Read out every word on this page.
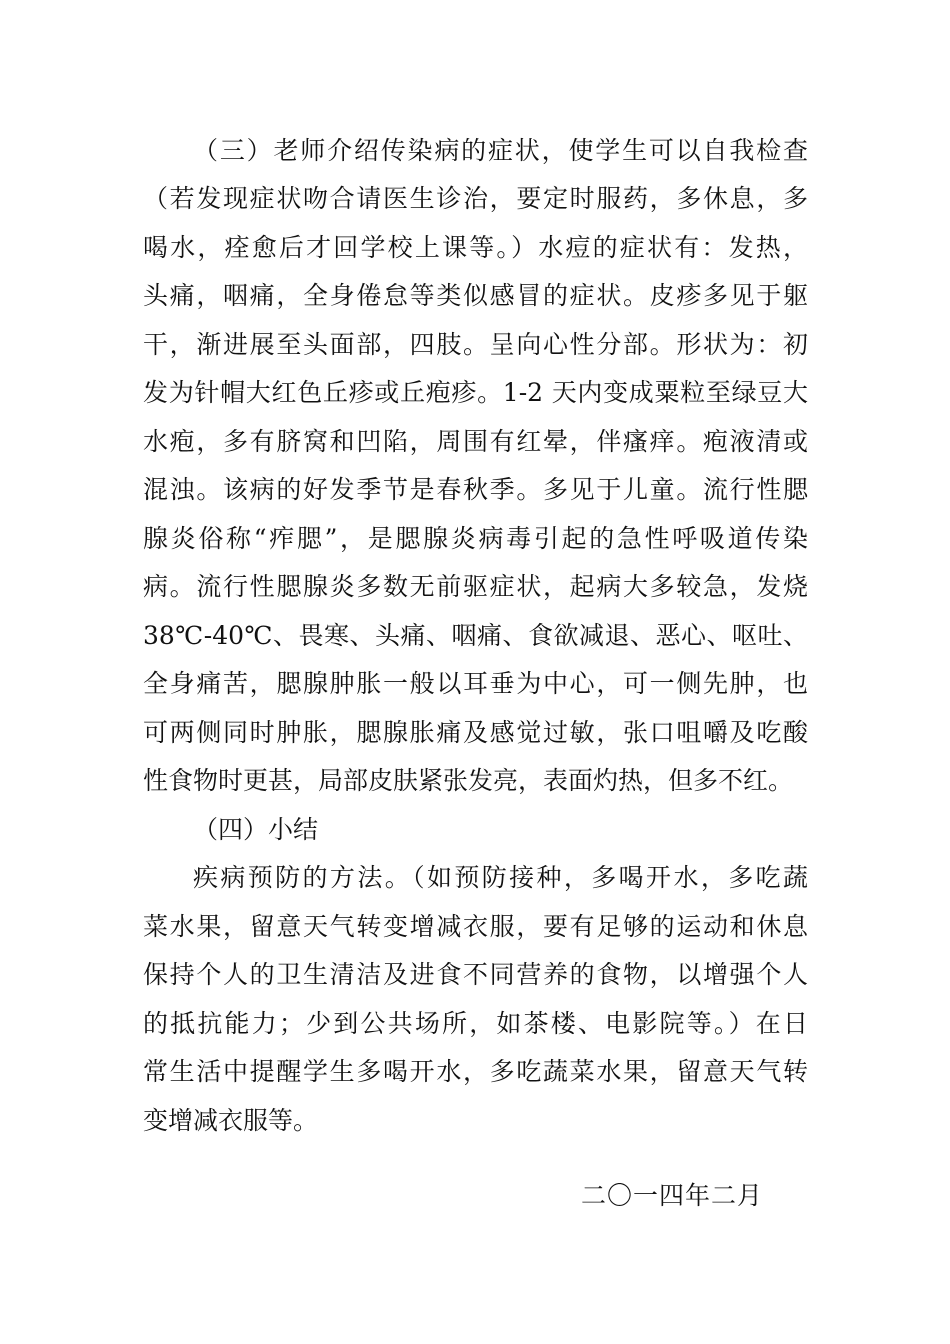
（三）老师介绍传染病的症状，使学生可以自我检查
（若发现症状吻合请医生诊治，要定时服药，多休息，多
喝水，痊愈后才回学校上课等。）水痘的症状有：发热，
头痛，咽痛，全身倦怠等类似感冒的症状。皮疹多见于躯
干，渐进展至头面部，四肢。呈向心性分部。形状为：初
发为针帽大红色丘疹或丘疱疹。1-2 天内变成粟粒至绿豆大
水疱，多有脐窝和凹陷，周围有红晕，伴瘙痒。疱液清或
混浊。该病的好发季节是春秋季。多见于儿童。流行性腮
腺炎俗称“痄腮”，是腮腺炎病毒引起的急性呼吸道传染
病。流行性腮腺炎多数无前驱症状，起病大多较急，发烧
38℃-40℃、畏寒、头痛、咽痛、食欲减退、恶心、呕吐、
全身痛苦，腮腺肿胀一般以耳垂为中心，可一侧先肿，也
可两侧同时肿胀，腮腺胀痛及感觉过敏，张口咀嚼及吃酸
性食物时更甚，局部皮肤紧张发亮，表面灼热，但多不红。
（四）小结
疾病预防的方法。（如预防接种，多喝开水，多吃蔬
菜水果，留意天气转变增减衣服，要有足够的运动和休息
保持个人的卫生清洁及进食不同营养的食物，以增强个人
的抵抗能力；少到公共场所，如茶楼、电影院等。）在日
常生活中提醒学生多喝开水，多吃蔬菜水果，留意天气转
变增减衣服等。
二〇一四年二月
